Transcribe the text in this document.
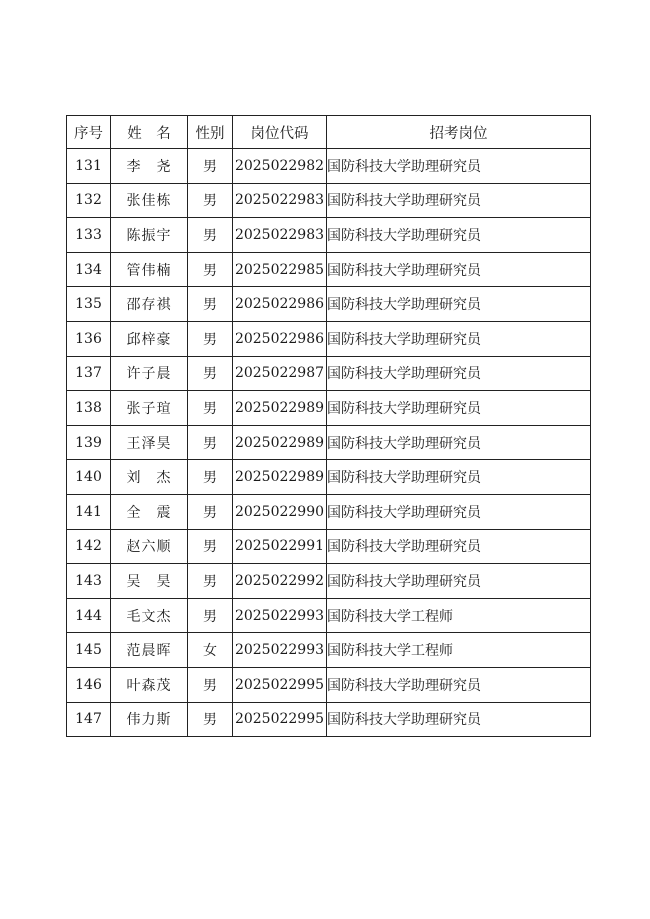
序号	姓　名	性别	岗位代码	招考岗位
131	李　尧	男	2025022982	国防科技大学助理研究员
132	张佳栋	男	2025022983	国防科技大学助理研究员
133	陈振宇	男	2025022983	国防科技大学助理研究员
134	管伟楠	男	2025022985	国防科技大学助理研究员
135	邵存祺	男	2025022986	国防科技大学助理研究员
136	邱梓豪	男	2025022986	国防科技大学助理研究员
137	许子晨	男	2025022987	国防科技大学助理研究员
138	张子瑄	男	2025022989	国防科技大学助理研究员
139	王泽昊	男	2025022989	国防科技大学助理研究员
140	刘　杰	男	2025022989	国防科技大学助理研究员
141	全　震	男	2025022990	国防科技大学助理研究员
142	赵六顺	男	2025022991	国防科技大学助理研究员
143	吴　昊	男	2025022992	国防科技大学助理研究员
144	毛文杰	男	2025022993	国防科技大学工程师
145	范晨晖	女	2025022993	国防科技大学工程师
146	叶森茂	男	2025022995	国防科技大学助理研究员
147	伟力斯	男	2025022995	国防科技大学助理研究员
